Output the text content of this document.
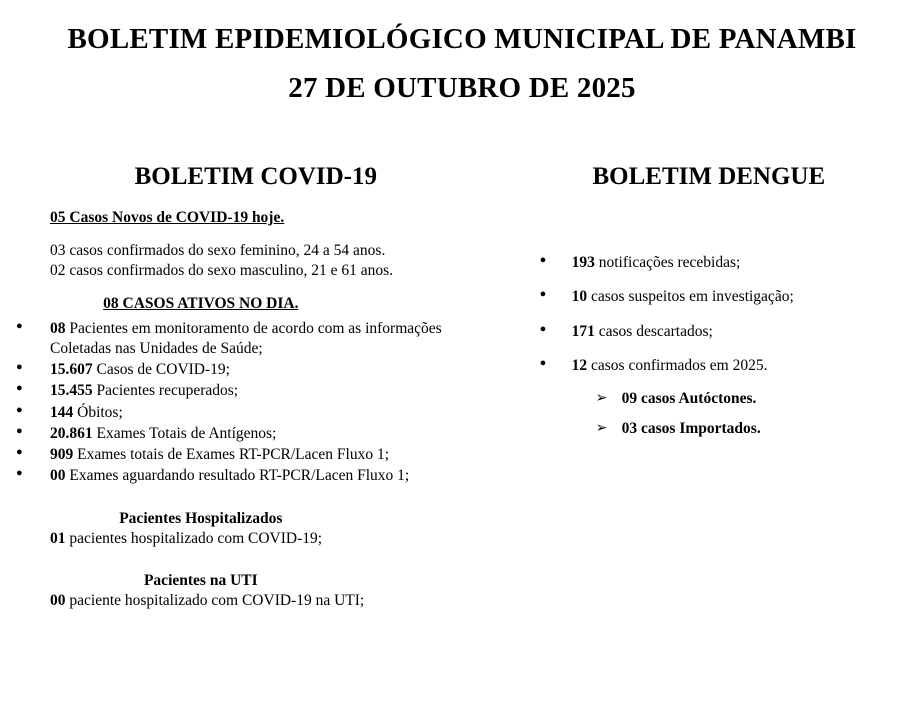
BOLETIM EPIDEMIOLÓGICO MUNICIPAL DE PANAMBI
27 DE OUTUBRO DE 2025
BOLETIM COVID-19
05 Casos Novos de COVID-19 hoje.
03 casos confirmados do sexo feminino, 24 a 54 anos.
02 casos confirmados do sexo masculino, 21 e 61 anos.
08 CASOS ATIVOS NO DIA.
● 08 Pacientes em monitoramento de acordo com as informações
Coletadas nas Unidades de Saúde;
● 15.607 Casos de COVID-19;
● 15.455 Pacientes recuperados;
● 144 Óbitos;
● 20.861 Exames Totais de Antígenos;
● 909 Exames totais de Exames RT-PCR/Lacen Fluxo 1;
● 00 Exames aguardando resultado RT-PCR/Lacen Fluxo 1;
Pacientes Hospitalizados
01 pacientes hospitalizado com COVID-19;
Pacientes na UTI
00 paciente hospitalizado com COVID-19 na UTI;
BOLETIM DENGUE
● 193 notificações recebidas;
● 10 casos suspeitos em investigação;
● 171 casos descartados;
● 12 casos confirmados em 2025.
➢ 09 casos Autóctones.
➢ 03 casos Importados.
